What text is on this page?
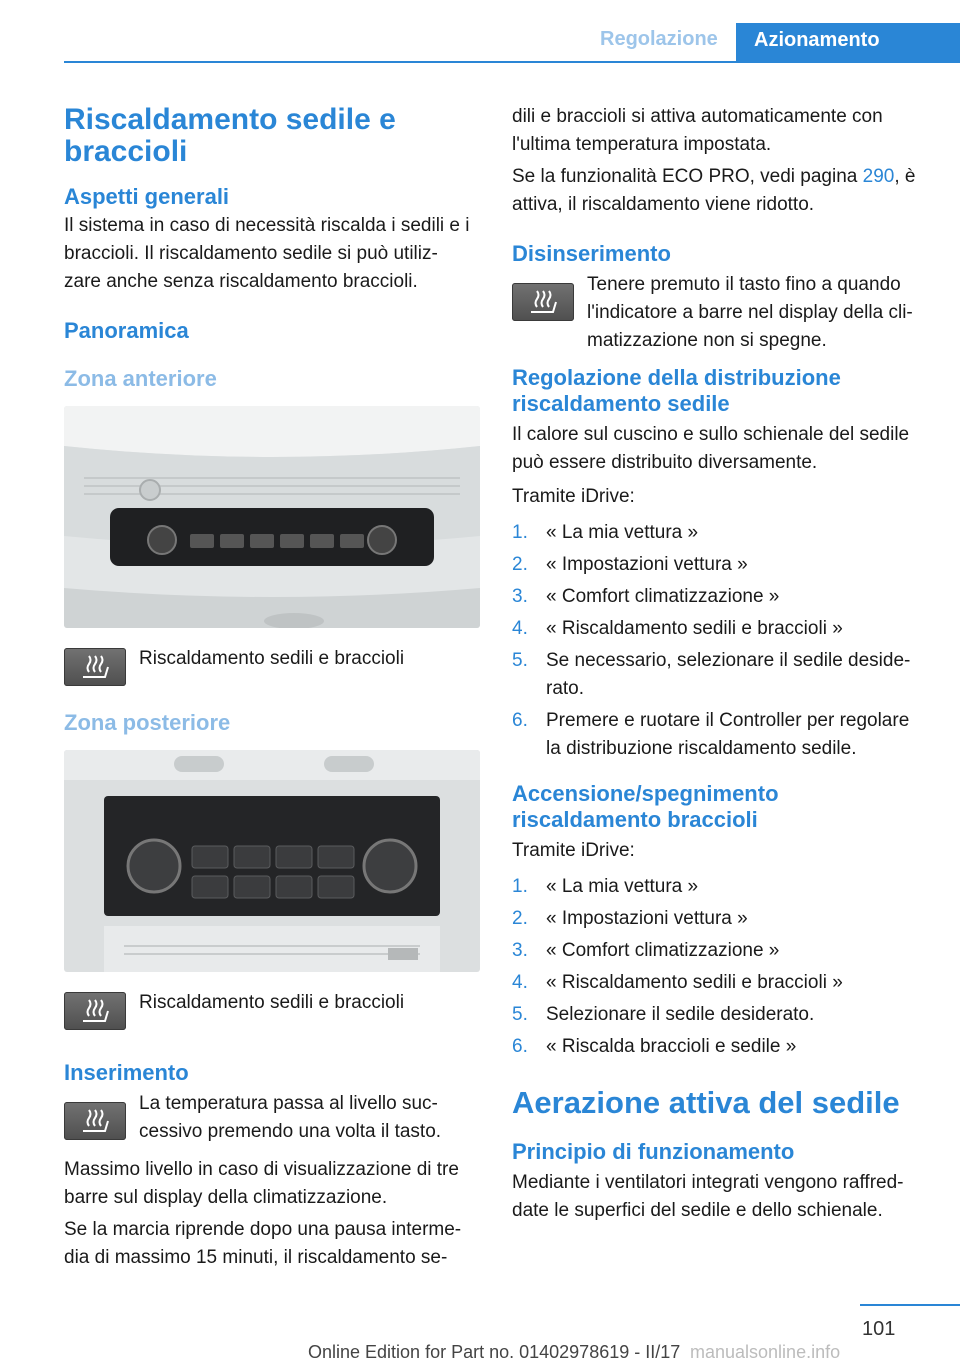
Regolazione	Azionamento
Riscaldamento sedile e braccioli
Aspetti generali

Il sistema in caso di necessità riscalda i sedili e i braccioli. Il riscaldamento sedile si può utiliz- zare anche senza riscaldamento braccioli.

Panoramica
Zona anteriore

Riscaldamento sedili e braccioli

Zona posteriore

Riscaldamento sedili e braccioli

Inserimento

La temperatura passa al livello suc- cessivo premendo una volta il tasto.

Massimo livello in caso di visualizzazione di tre barre sul display della climatizzazione.

Se la marcia riprende dopo una pausa interme- dia di massimo 15 minuti, il riscaldamento se-

dili e braccioli si attiva automaticamente con l'ultima temperatura impostata.

Se la funzionalità ECO PRO, vedi pagina 290, è attiva, il riscaldamento viene ridotto.

Disinserimento

Tenere premuto il tasto fino a quando l'indicatore a barre nel display della cli- matizzazione non si spegne.

Regolazione della distribuzione riscaldamento sedile

Il calore sul cuscino e sullo schienale del sedile può essere distribuito diversamente.

Tramite iDrive:

1. « La mia vettura »
2. « Impostazioni vettura »
3. « Comfort climatizzazione »
4. « Riscaldamento sedili e braccioli »
5. Se necessario, selezionare il sedile deside- rato.
6. Premere e ruotare il Controller per regolare la distribuzione riscaldamento sedile.
Accensione/spegnimento riscaldamento braccioli

Tramite iDrive:

1. « La mia vettura »
2. « Impostazioni vettura »
3. « Comfort climatizzazione »
4. « Riscaldamento sedili e braccioli »
5. Selezionare il sedile desiderato.
6. « Riscalda braccioli e sedile »
Aerazione attiva del sedile
Principio di funzionamento

Mediante i ventilatori integrati vengono raffred- date le superfici del sedile e dello schienale.

101
Online Edition for Part no. 01402978619 - II/17 manualsonline.info
